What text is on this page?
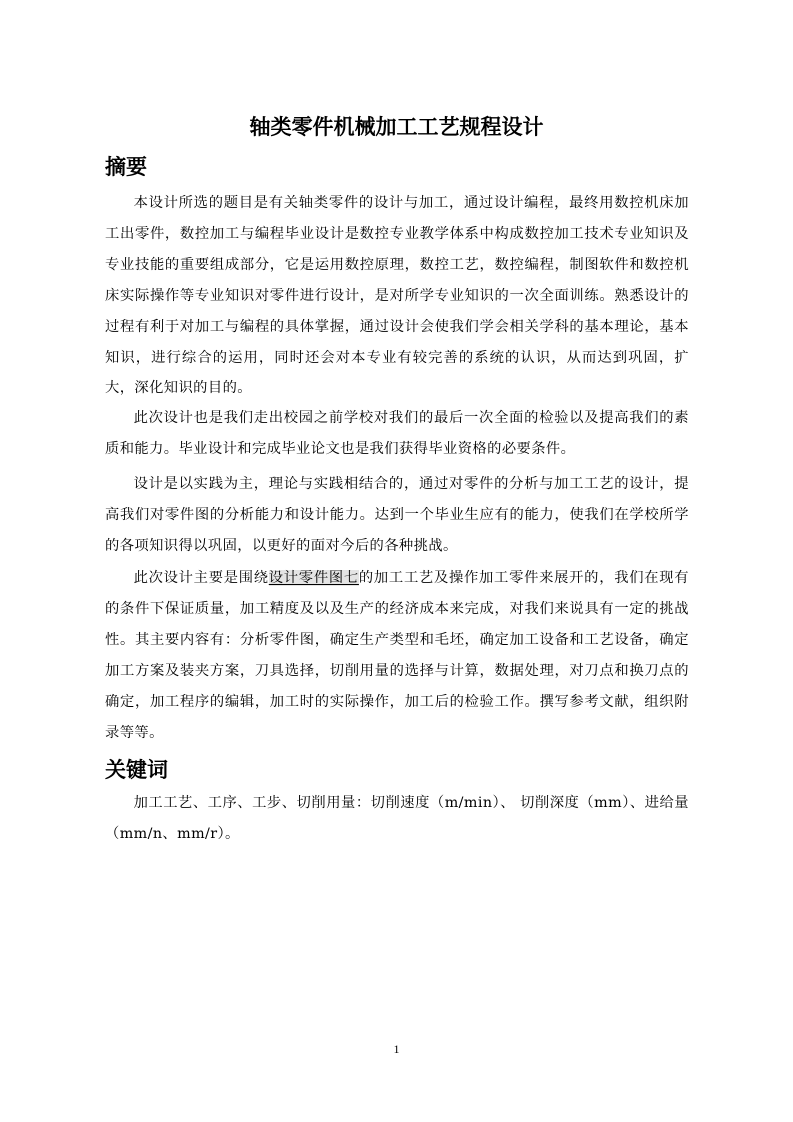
轴类零件机械加工工艺规程设计
摘要

本设计所选的题目是有关轴类零件的设计与加工，通过设计编程，最终用数控机床加工出零件，数控加工与编程毕业设计是数控专业教学体系中构成数控加工技术专业知识及专业技能的重要组成部分，它是运用数控原理，数控工艺，数控编程，制图软件和数控机床实际操作等专业知识对零件进行设计，是对所学专业知识的一次全面训练。熟悉设计的过程有利于对加工与编程的具体掌握，通过设计会使我们学会相关学科的基本理论，基本知识，进行综合的运用，同时还会对本专业有较完善的系统的认识，从而达到巩固，扩大，深化知识的目的。

此次设计也是我们走出校园之前学校对我们的最后一次全面的检验以及提高我们的素质和能力。毕业设计和完成毕业论文也是我们获得毕业资格的必要条件。

设计是以实践为主，理论与实践相结合的，通过对零件的分析与加工工艺的设计，提高我们对零件图的分析能力和设计能力。达到一个毕业生应有的能力，使我们在学校所学的各项知识得以巩固，以更好的面对今后的各种挑战。

此次设计主要是围绕设计零件图七的加工工艺及操作加工零件来展开的，我们在现有的条件下保证质量，加工精度及以及生产的经济成本来完成，对我们来说具有一定的挑战性。其主要内容有：分析零件图，确定生产类型和毛坯，确定加工设备和工艺设备，确定加工方案及装夹方案，刀具选择，切削用量的选择与计算，数据处理，对刀点和换刀点的确定，加工程序的编辑，加工时的实际操作，加工后的检验工作。撰写参考文献，组织附录等等。

关键词

加工工艺、工序、工步、切削用量：切削速度（m/min）、 切削深度（mm）、进给量（mm/n、mm/r）。

1
